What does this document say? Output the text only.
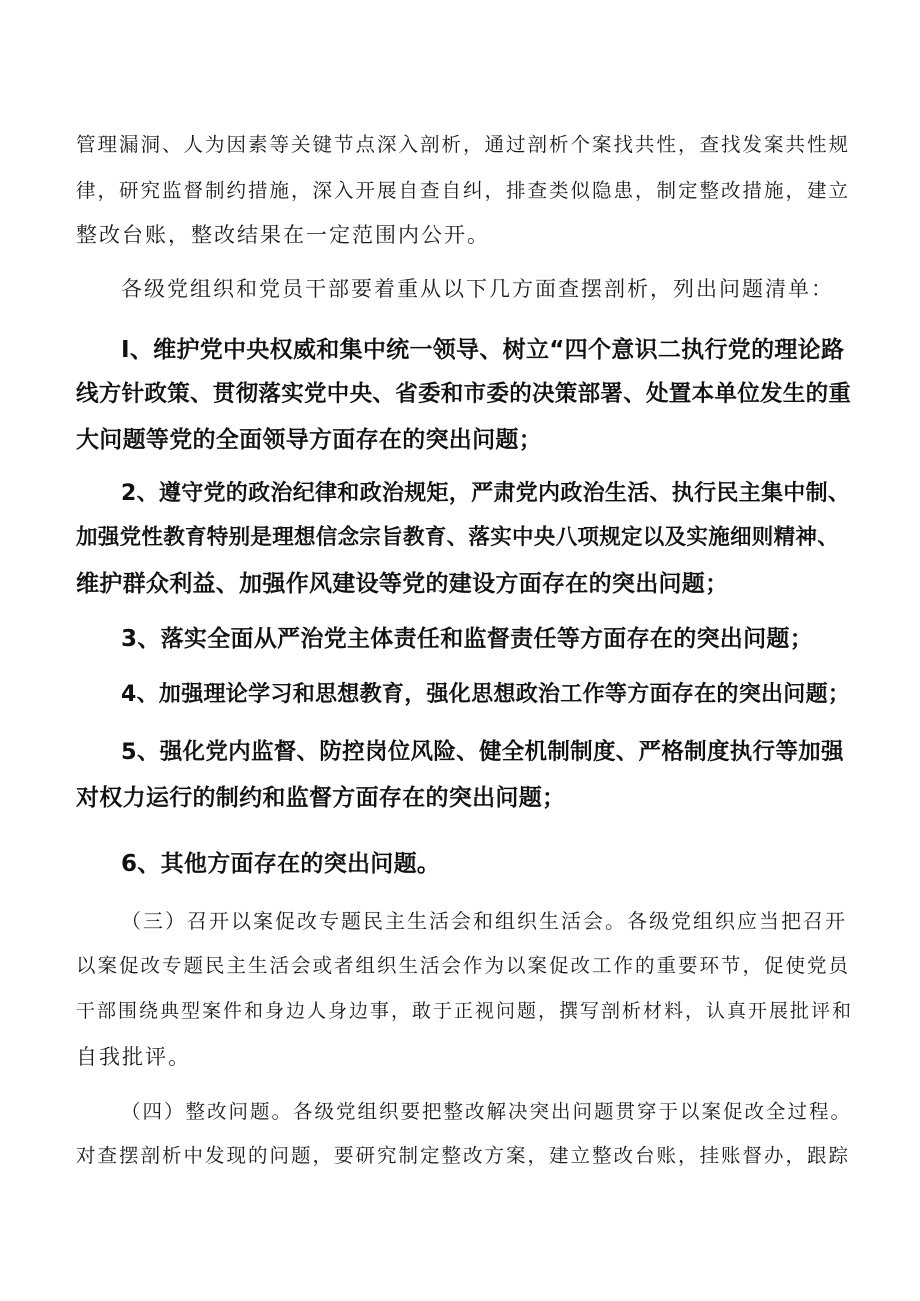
管理漏洞、人为因素等关键节点深入剖析，通过剖析个案找共性，查找发案共性规
律，研究监督制约措施，深入开展自查自纠，排查类似隐患，制定整改措施，建立
整改台账，整改结果在一定范围内公开。
各级党组织和党员干部要着重从以下几方面查摆剖析，列出问题清单：
I、维护党中央权威和集中统一领导、树立“四个意识二执行党的理论路
线方针政策、贯彻落实党中央、省委和市委的决策部署、处置本单位发生的重
大问题等党的全面领导方面存在的突出问题；
2、遵守党的政治纪律和政治规矩，严肃党内政治生活、执行民主集中制、
加强党性教育特别是理想信念宗旨教育、落实中央八项规定以及实施细则精神、
维护群众利益、加强作风建设等党的建设方面存在的突出问题；
3、落实全面从严治党主体责任和监督责任等方面存在的突出问题；
4、加强理论学习和思想教育，强化思想政治工作等方面存在的突出问题；
5、强化党内监督、防控岗位风险、健全机制制度、严格制度执行等加强
对权力运行的制约和监督方面存在的突出问题；
6、其他方面存在的突出问题。
（三）召开以案促改专题民主生活会和组织生活会。各级党组织应当把召开
以案促改专题民主生活会或者组织生活会作为以案促改工作的重要环节，促使党员
干部围绕典型案件和身边人身边事，敢于正视问题，撰写剖析材料，认真开展批评和
自我批评。
（四）整改问题。各级党组织要把整改解决突出问题贯穿于以案促改全过程。
对查摆剖析中发现的问题，要研究制定整改方案，建立整改台账，挂账督办，跟踪
